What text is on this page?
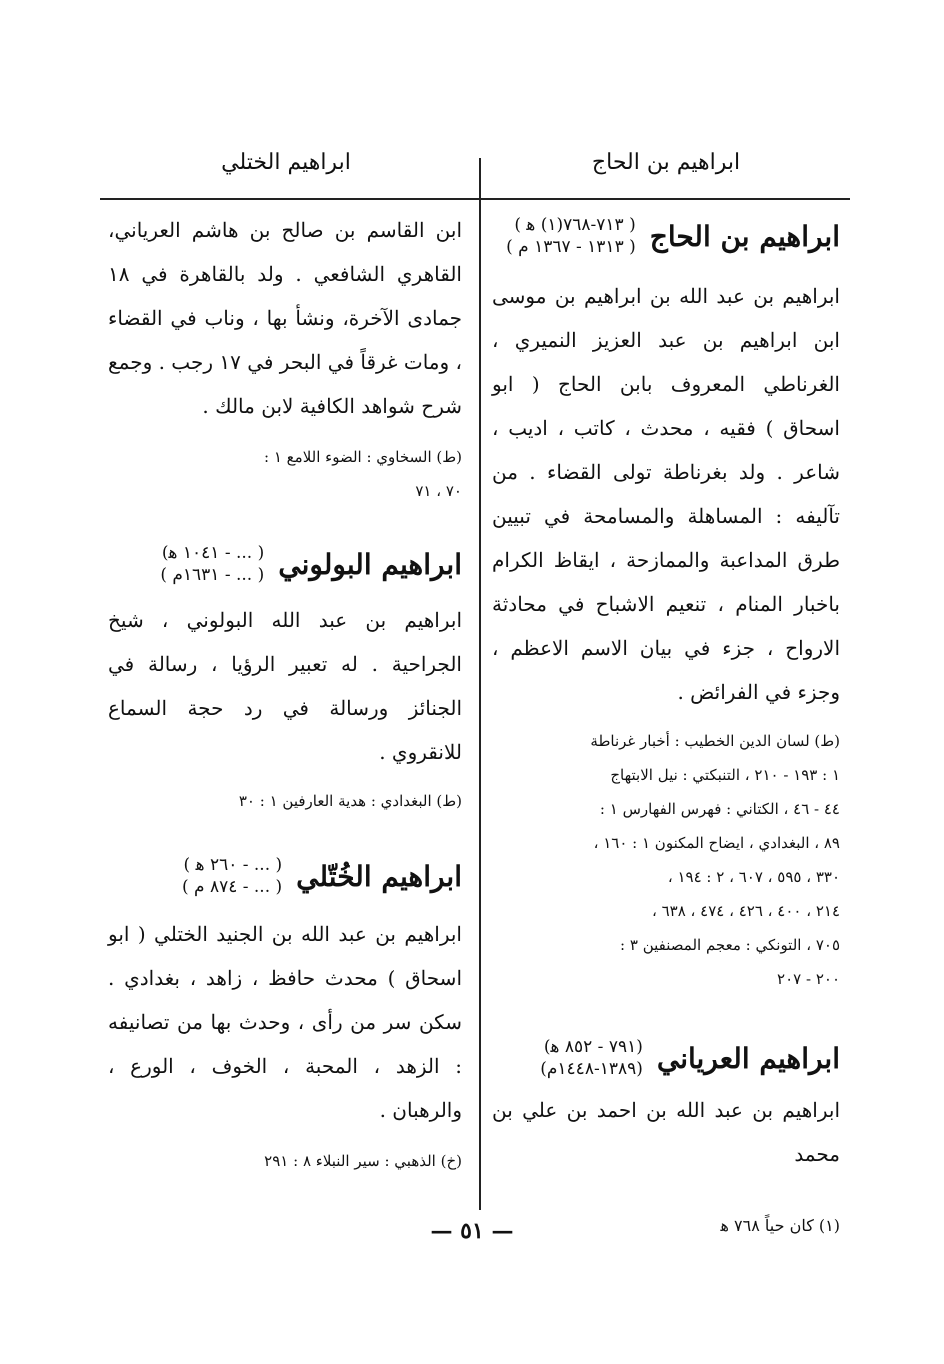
ابراهيم بن الحاج
ابراهيم الختلي
ابراهيم بن الحاج
( ٧١٣-٧٦٨(١) ﻫ )
( ١٣١٣ - ١٣٦٧ م )

ابراهيم بن عبد الله بن ابراهيم بن موسى ابن ابراهيم بن عبد العزيز النميري ، الغرناطي المعروف بابن الحاج ( ابو اسحاق ) فقيه ، محدث ، كاتب ، اديب ، شاعر . ولد بغرناطة تولى القضاء . من تآليفه : المساهلة والمسامحة في تبيين طرق المداعبة والممازحة ، ايقاظ الكرام باخبار المنام ، تنعيم الاشباح في محادثة الارواح ، جزء في بيان الاسم الاعظم ، وجزء في الفرائض .

(ط) لسان الدين الخطيب : أخبار غرناطة

١ : ١٩٣ - ٢١٠ ، التنبكتي : نيل الابتهاج

٤٤ - ٤٦ ، الكتاني : فهرس الفهارس ١ :

٨٩ ، البغدادي ، ايضاح المكنون ١ : ١٦٠ ،

٣٣٠ ، ٥٩٥ ، ٦٠٧ ، ٢ : ١٩٤ ،

٢١٤ ، ٤٠٠ ، ٤٢٦ ، ٤٧٤ ، ٦٣٨ ،

٧٠٥ ، التونكي : معجم المصنفين ٣ :

٢٠٠ - ٢٠٧

ابراهيم العرياني
(٧٩١ - ٨٥٢ ﻫ)
(١٣٨٩-١٤٤٨م)

ابراهيم بن عبد الله بن احمد بن علي بن محمد

(١) كان حياً ٧٦٨ ﻫ

ابن القاسم بن صالح بن هاشم العرياني، القاهري الشافعي . ولد بالقاهرة في ١٨ جمادى الآخرة، ونشأ بها ، وناب في القضاء ، ومات غرقاً في البحر في ١٧ رجب . وجمع شرح شواهد الكافية لابن مالك .

(ط) السخاوي : الضوء اللامع ١ :

٧٠ ، ٧١

ابراهيم البولوني
( ... - ١٠٤١ ﻫ)
( ... - ١٦٣١م )

ابراهيم بن عبد الله البولوني ، شيخ الجراحية . له تعبير الرؤيا ، رسالة في الجنائز ورسالة في رد حجة السماع للانقروي .

(ط) البغدادي : هدية العارفين ١ : ٣٠

ابراهيم الخُتّلي
( ... - ٢٦٠ ﻫ )
( ... - ٨٧٤ م )

ابراهيم بن عبد الله بن الجنيد الختلي ( ابو اسحاق ) محدث حافظ ، زاهد ، بغدادي . سكن سر من رأى ، وحدث بها من تصانيفه : الزهد ، المحبة ، الخوف ، الورع ، والرهبان .

(خ) الذهبي : سير النبلاء ٨ : ٢٩١

— ٥١ —
